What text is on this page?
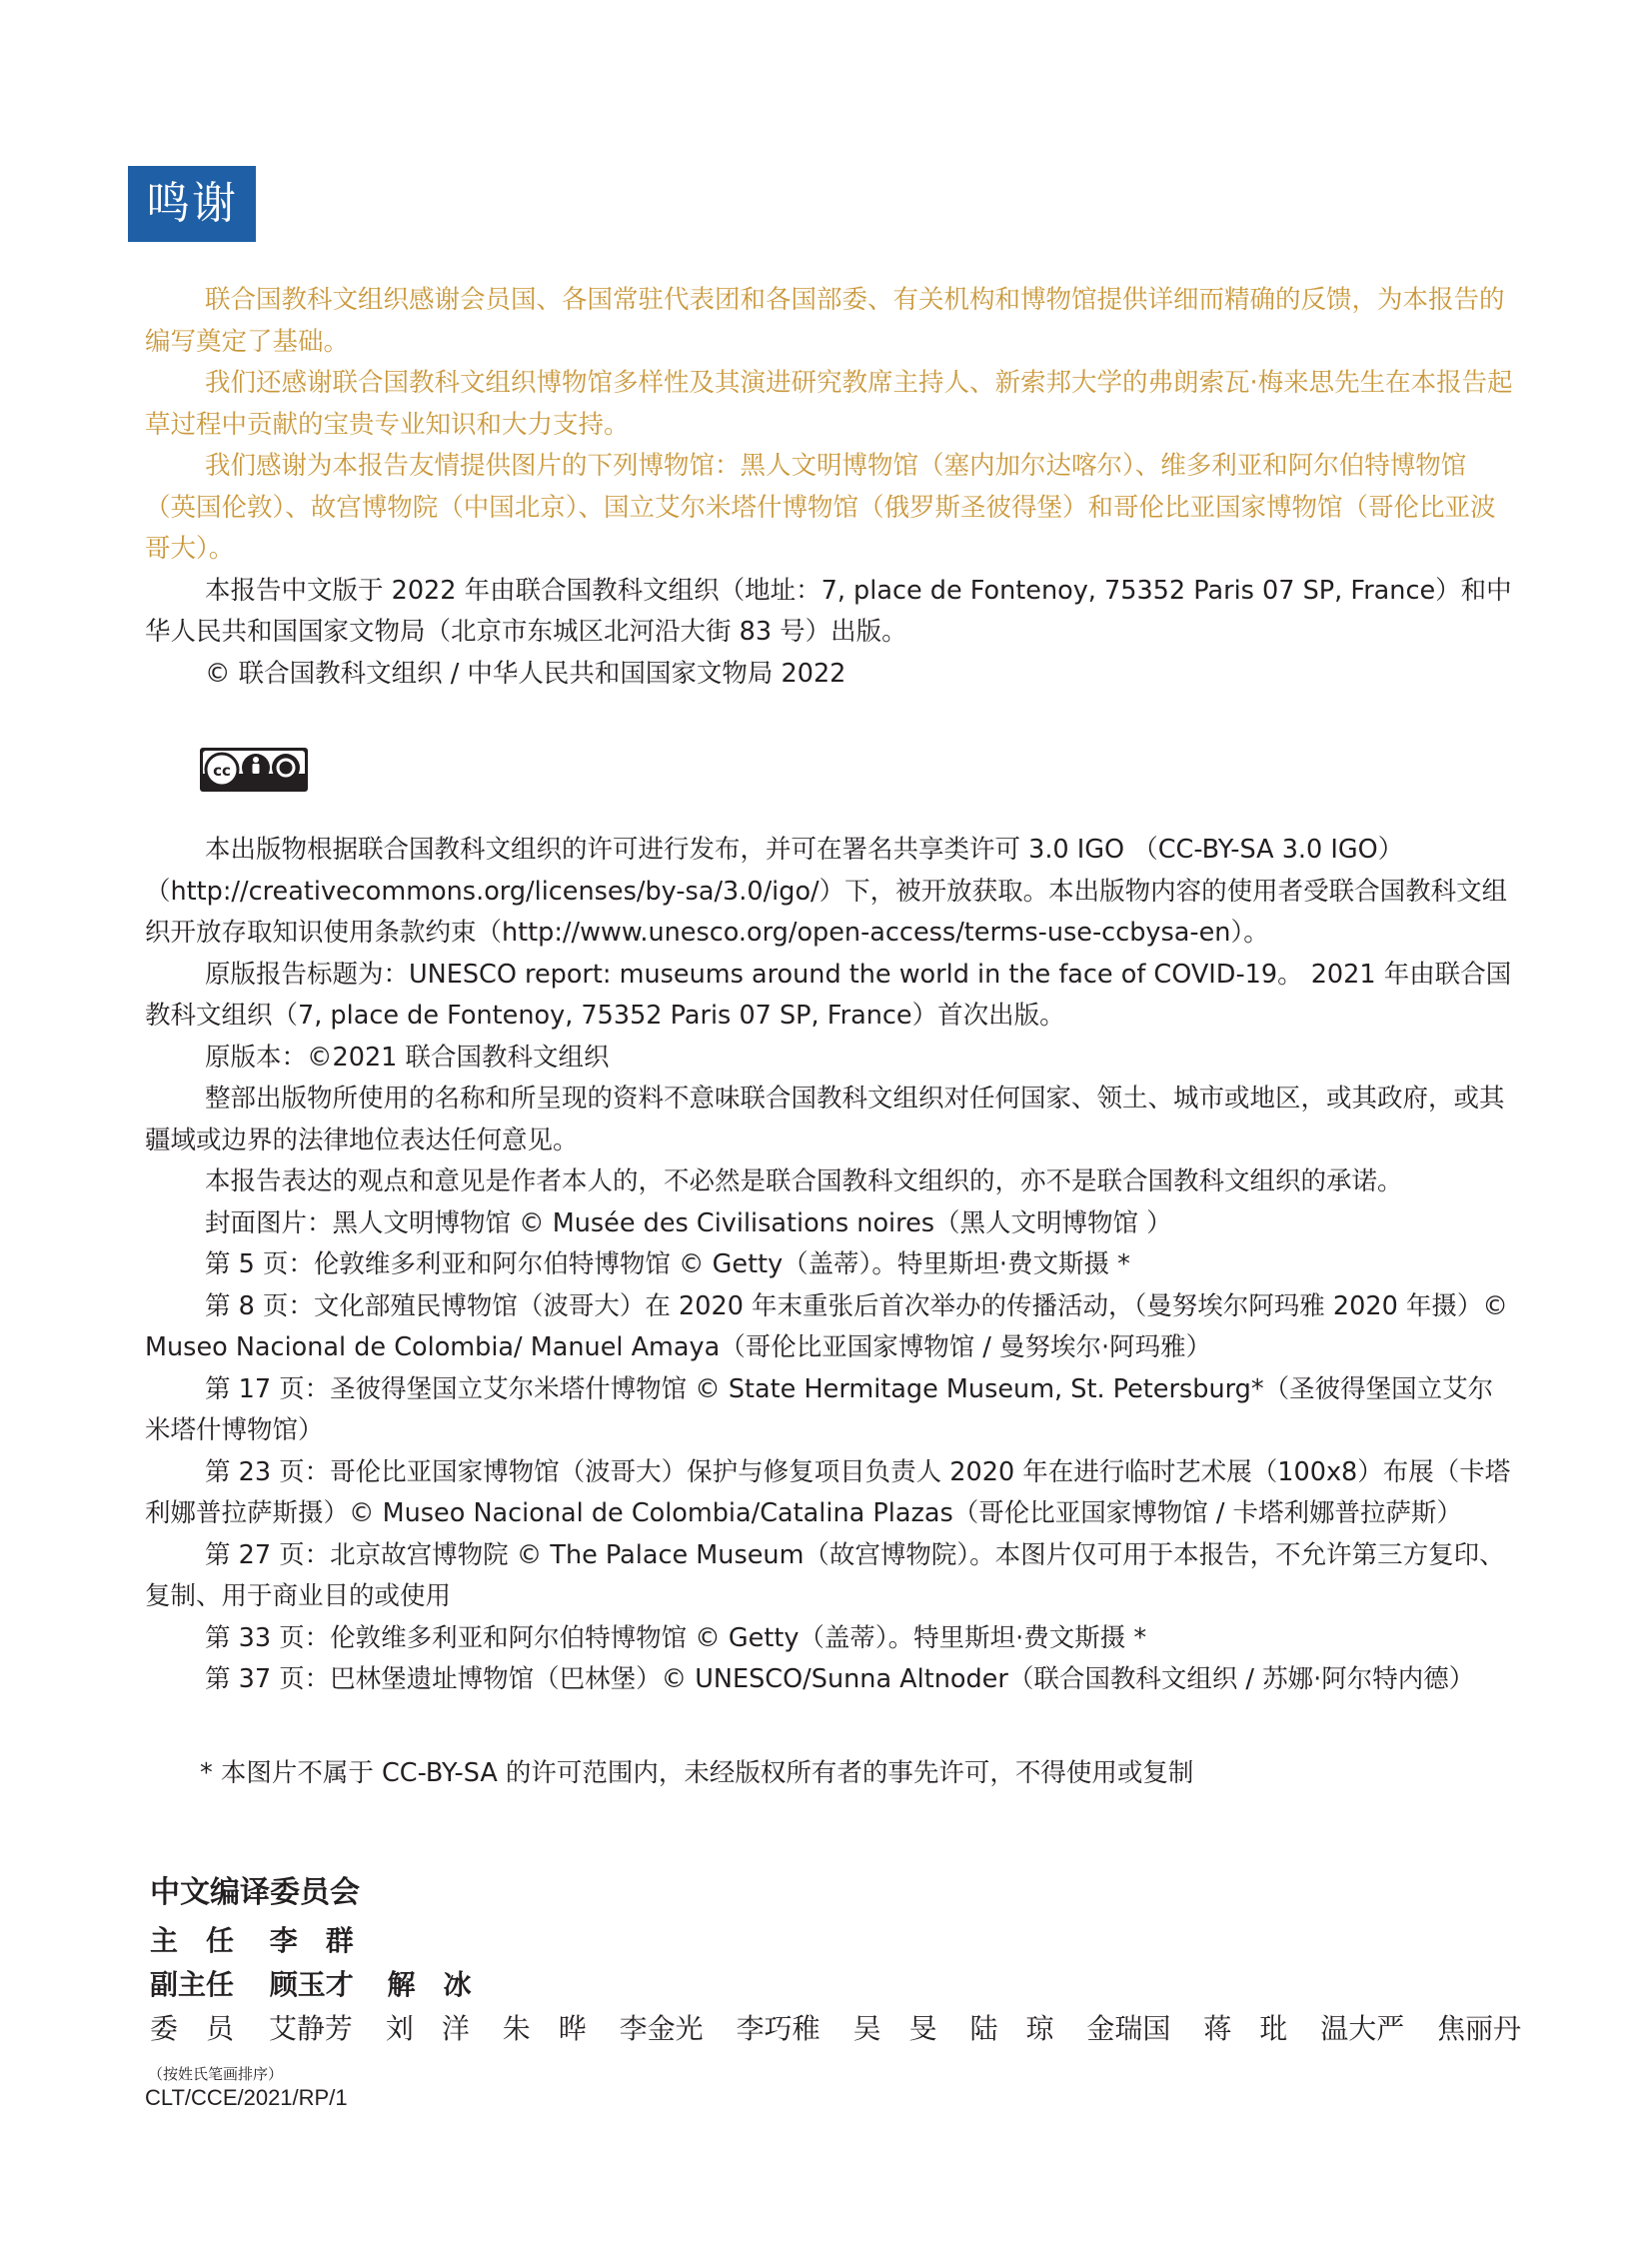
鸣谢

联合国教科文组织感谢会员国、各国常驻代表团和各国部委、有关机构和博物馆提供详细而精确的反馈，为本报告的编写奠定了基础。

我们还感谢联合国教科文组织博物馆多样性及其演进研究教席主持人、新索邦大学的弗朗索瓦·梅来思先生在本报告起草过程中贡献的宝贵专业知识和大力支持。

我们感谢为本报告友情提供图片的下列博物馆：黑人文明博物馆（塞内加尔达喀尔）、维多利亚和阿尔伯特博物馆（英国伦敦）、故宫博物院（中国北京）、国立艾尔米塔什博物馆（俄罗斯圣彼得堡）和哥伦比亚国家博物馆（哥伦比亚波哥大）。

本报告中文版于 2022 年由联合国教科文组织（地址：7, place de Fontenoy, 75352 Paris 07 SP, France）和中华人民共和国国家文物局（北京市东城区北河沿大街 83 号）出版。

© 联合国教科文组织 / 中华人民共和国国家文物局 2022

cc

本出版物根据联合国教科文组织的许可进行发布，并可在署名共享类许可 3.0 IGO （CC-BY-SA 3.0 IGO）（http://creativecommons.org/licenses/by-sa/3.0/igo/）下，被开放获取。本出版物内容的使用者受联合国教科文组织开放存取知识使用条款约束（http://www.unesco.org/open-access/terms-use-ccbysa-en）。

原版报告标题为：UNESCO report: museums around the world in the face of COVID-19。 2021 年由联合国教科文组织（7, place de Fontenoy, 75352 Paris 07 SP, France）首次出版。

原版本：©2021 联合国教科文组织

整部出版物所使用的名称和所呈现的资料不意味联合国教科文组织对任何国家、领土、城市或地区，或其政府，或其疆域或边界的法律地位表达任何意见。

本报告表达的观点和意见是作者本人的，不必然是联合国教科文组织的，亦不是联合国教科文组织的承诺。

封面图片：黑人文明博物馆 © Musée des Civilisations noires（黑人文明博物馆 ）

第 5 页：伦敦维多利亚和阿尔伯特博物馆 © Getty（盖蒂）。特里斯坦·费文斯摄 *

第 8 页：文化部殖民博物馆（波哥大）在 2020 年末重张后首次举办的传播活动，（曼努埃尔阿玛雅 2020 年摄）© Museo Nacional de Colombia/ Manuel Amaya（哥伦比亚国家博物馆 / 曼努埃尔·阿玛雅）

第 17 页：圣彼得堡国立艾尔米塔什博物馆 © State Hermitage Museum, St. Petersburg*（圣彼得堡国立艾尔米塔什博物馆）

第 23 页：哥伦比亚国家博物馆（波哥大）保护与修复项目负责人 2020 年在进行临时艺术展（100x8）布展（卡塔利娜普拉萨斯摄）© Museo Nacional de Colombia/Catalina Plazas（哥伦比亚国家博物馆 / 卡塔利娜普拉萨斯）

第 27 页：北京故宫博物院 © The Palace Museum（故宫博物院）。本图片仅可用于本报告，不允许第三方复印、复制、用于商业目的或使用

第 33 页：伦敦维多利亚和阿尔伯特博物馆 © Getty（盖蒂）。特里斯坦·费文斯摄 *

第 37 页：巴林堡遗址博物馆（巴林堡）© UNESCO/Sunna Altnoder（联合国教科文组织 / 苏娜·阿尔特内德）

* 本图片不属于 CC-BY-SA 的许可范围内，未经版权所有者的事先许可，不得使用或复制
中文编译委员会
主　任 李　群
副主任 顾玉才 解　冰
委　员 艾静芳 刘　洋 朱　晔 李金光 李巧稚 吴　旻 陆　琼 金瑞国 蒋　玭 温大严 焦丽丹
（按姓氏笔画排序）
CLT/CCE/2021/RP/1
